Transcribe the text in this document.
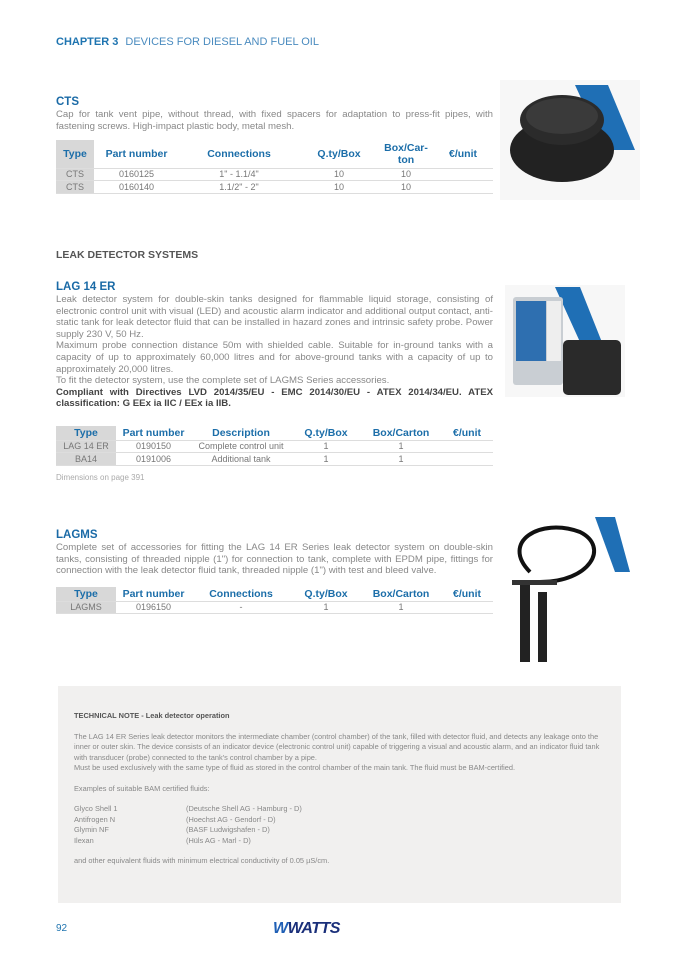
CHAPTER 3 DEVICES FOR DIESEL AND FUEL OIL
CTS
Cap for tank vent pipe, without thread, with fixed spacers for adaptation to press-fit pipes, with fastening screws. High-impact plastic body, metal mesh.
Type	Part number	Connections	Q.ty/Box	Box/Car-ton	€/unit
CTS	0160125	1" - 1.1/4"	10	10	
CTS	0160140	1.1/2" - 2"	10	10	
LEAK DETECTOR SYSTEMS
LAG 14 ER
Leak detector system for double-skin tanks designed for flammable liquid storage, consisting of electronic control unit with visual (LED) and acoustic alarm indicator and additional output contact, anti-static tank for leak detector fluid that can be installed in hazard zones and intrinsic safety probe. Power supply 230 V, 50 Hz.
Maximum probe connection distance 50m with shielded cable. Suitable for in-ground tanks with a capacity of up to approximately 60,000 litres and for above-ground tanks with a capacity of up to approximately 20,000 litres.
To fit the detector system, use the complete set of LAGMS Series accessories.
Compliant with Directives LVD 2014/35/EU - EMC 2014/30/EU - ATEX 2014/34/EU. ATEX classification: G EEx ia IIC / EEx ia IIB.
Type	Part number	Description	Q.ty/Box	Box/Carton	€/unit
LAG 14 ER	0190150	Complete control unit	1	1	
BA14	0191006	Additional tank	1	1	
Dimensions on page 391
LAGMS
Complete set of accessories for fitting the LAG 14 ER Series leak detector system on double-skin tanks, consisting of threaded nipple (1") for connection to tank, complete with EPDM pipe, fittings for connection with the leak detector fluid tank, threaded nipple (1") with test and bleed valve.
Type	Part number	Connections	Q.ty/Box	Box/Carton	€/unit
LAGMS	0196150	-	1	1	
TECHNICAL NOTE - Leak detector operation
The LAG 14 ER Series leak detector monitors the intermediate chamber (control chamber) of the tank, filled with detector fluid, and detects any leakage onto the inner or outer skin. The device consists of an indicator device (electronic control unit) capable of triggering a visual and acoustic alarm, and an indicator fluid tank with transducer (probe) connected to the tank's control chamber by a pipe.
Must be used exclusively with the same type of fluid as stored in the control chamber of the main tank. The fluid must be BAM-certified.
Examples of suitable BAM certified fluids:
Glyco Shell 1	(Deutsche Shell AG - Hamburg - D)
Antifrogen N	(Hoechst AG - Gendorf - D)
Glymin NF	(BASF Ludwigshafen - D)
Ilexan	(Hüls AG - Marl - D)
and other equivalent fluids with minimum electrical conductivity of 0.05 µS/cm.
92	WWATTS
